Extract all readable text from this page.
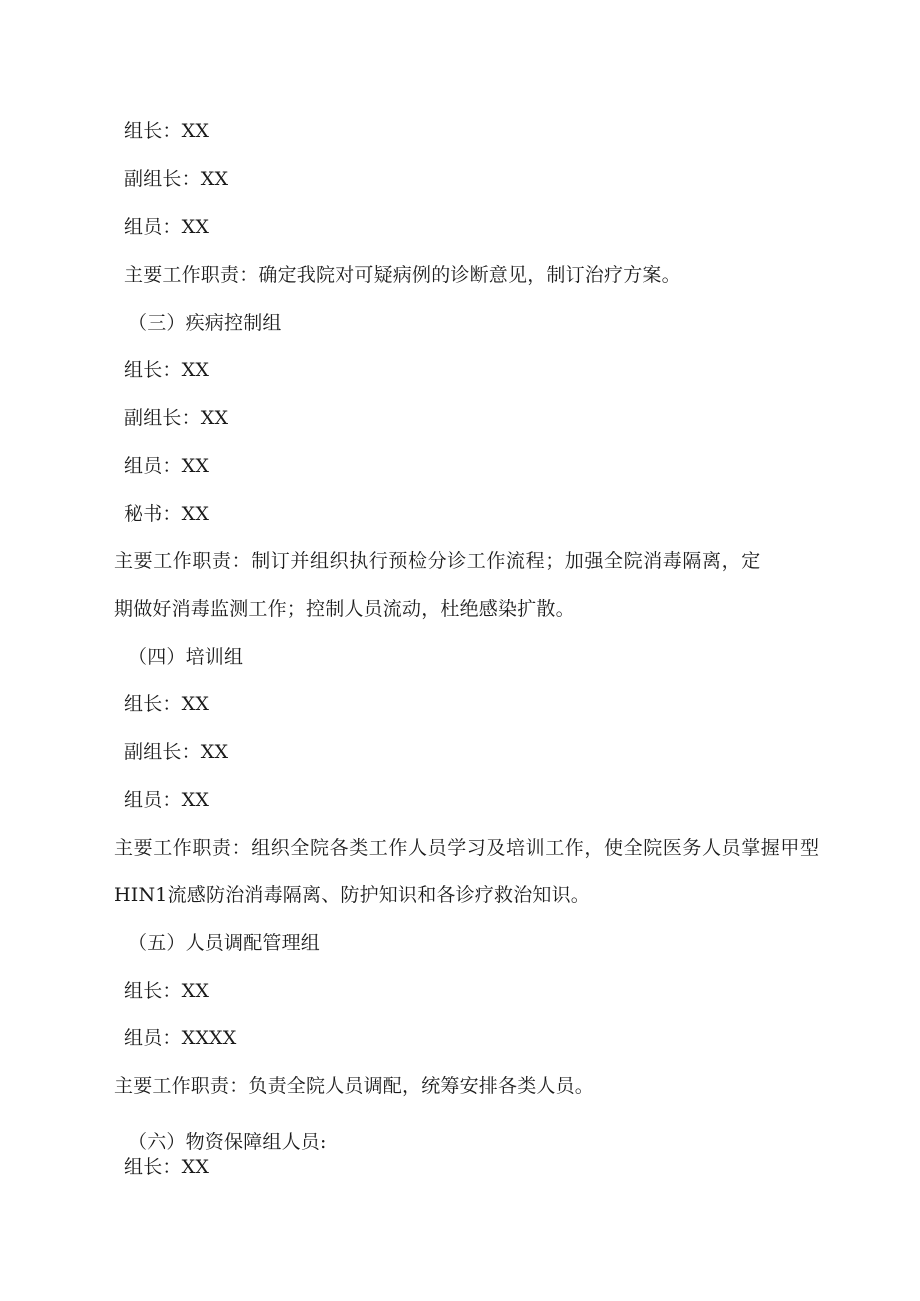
组长：XX
副组长：XX
组员：XX
主要工作职责：确定我院对可疑病例的诊断意见，制订治疗方案。
（三）疾病控制组
组长：XX
副组长：XX
组员：XX
秘书：XX
主要工作职责：制订并组织执行预检分诊工作流程；加强全院消毒隔离，定
期做好消毒监测工作；控制人员流动，杜绝感染扩散。
（四）培训组
组长：XX
副组长：XX
组员：XX
主要工作职责：组织全院各类工作人员学习及培训工作，使全院医务人员掌握甲型
HIN1流感防治消毒隔离、防护知识和各诊疗救治知识。
（五）人员调配管理组
组长：XX
组员：XXXX
主要工作职责：负责全院人员调配，统筹安排各类人员。
（六）物资保障组人员:
组长：XX
